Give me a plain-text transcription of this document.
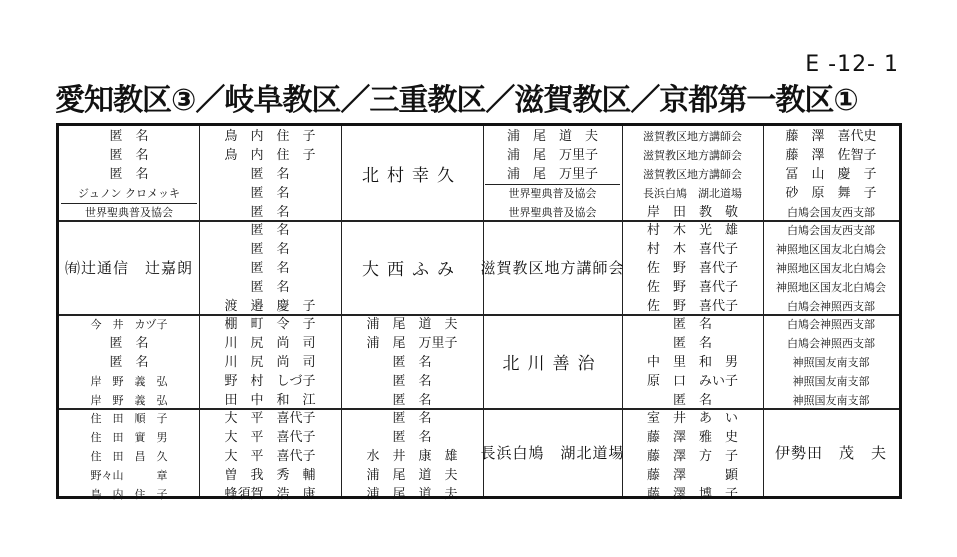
E -12- 1
愛知教区③／岐阜教区／三重教区／滋賀教区／京都第一教区①
匿　名
匿　名
匿　名
ジュノン クロメッキ
世界聖典普及協会
㈲辻通信　辻嘉朗
今　井　カヅ子
匿　名
匿　名
岸　野　義　弘
岸　野　義　弘
住　田　順　子
住　田　實　男
住　田　昌　久
野々山　　　章
鳥　内　住　子
鳥　内　住　子
鳥　内　住　子
匿　名
匿　名
匿　名
匿　名
匿　名
匿　名
匿　名
渡　邉　慶　子
棚　町　令　子
川　尻　尚　司
川　尻　尚　司
野　村　しづ子
田　中　和　江
大　平　喜代子
大　平　喜代子
大　平　喜代子
曽　我　秀　輔
蜂須賀　浩　康
北村幸久
大西ふみ
浦　尾　道　夫
浦　尾　万里子
匿　名
匿　名
匿　名
匿　名
匿　名
水　井　康　雄
浦　尾　道　夫
浦　尾　道　夫
浦　尾　道　夫
浦　尾　万里子
浦　尾　万里子
世界聖典普及協会
世界聖典普及協会
滋賀教区地方講師会
北川善治
長浜白鳩　湖北道場
滋賀教区地方講師会
滋賀教区地方講師会
滋賀教区地方講師会
長浜白鳩　湖北道場
岸　田　教　敬
村　木　光　雄
村　木　喜代子
佐　野　喜代子
佐　野　喜代子
佐　野　喜代子
匿　名
匿　名
中　里　和　男
原　口　みい子
匿　名
室　井　あ　い
藤　澤　雅　史
藤　澤　方　子
藤　澤　　　顕
藤　澤　博　子
藤　澤　喜代史
藤　澤　佐智子
冨　山　慶　子
砂　原　舞　子
白鳩会国友西支部
白鳩会国友西支部
神照地区国友北白鳩会
神照地区国友北白鳩会
神照地区国友北白鳩会
白鳩会神照西支部
白鳩会神照西支部
白鳩会神照西支部
神照国友南支部
神照国友南支部
神照国友南支部
伊勢田　茂　夫
